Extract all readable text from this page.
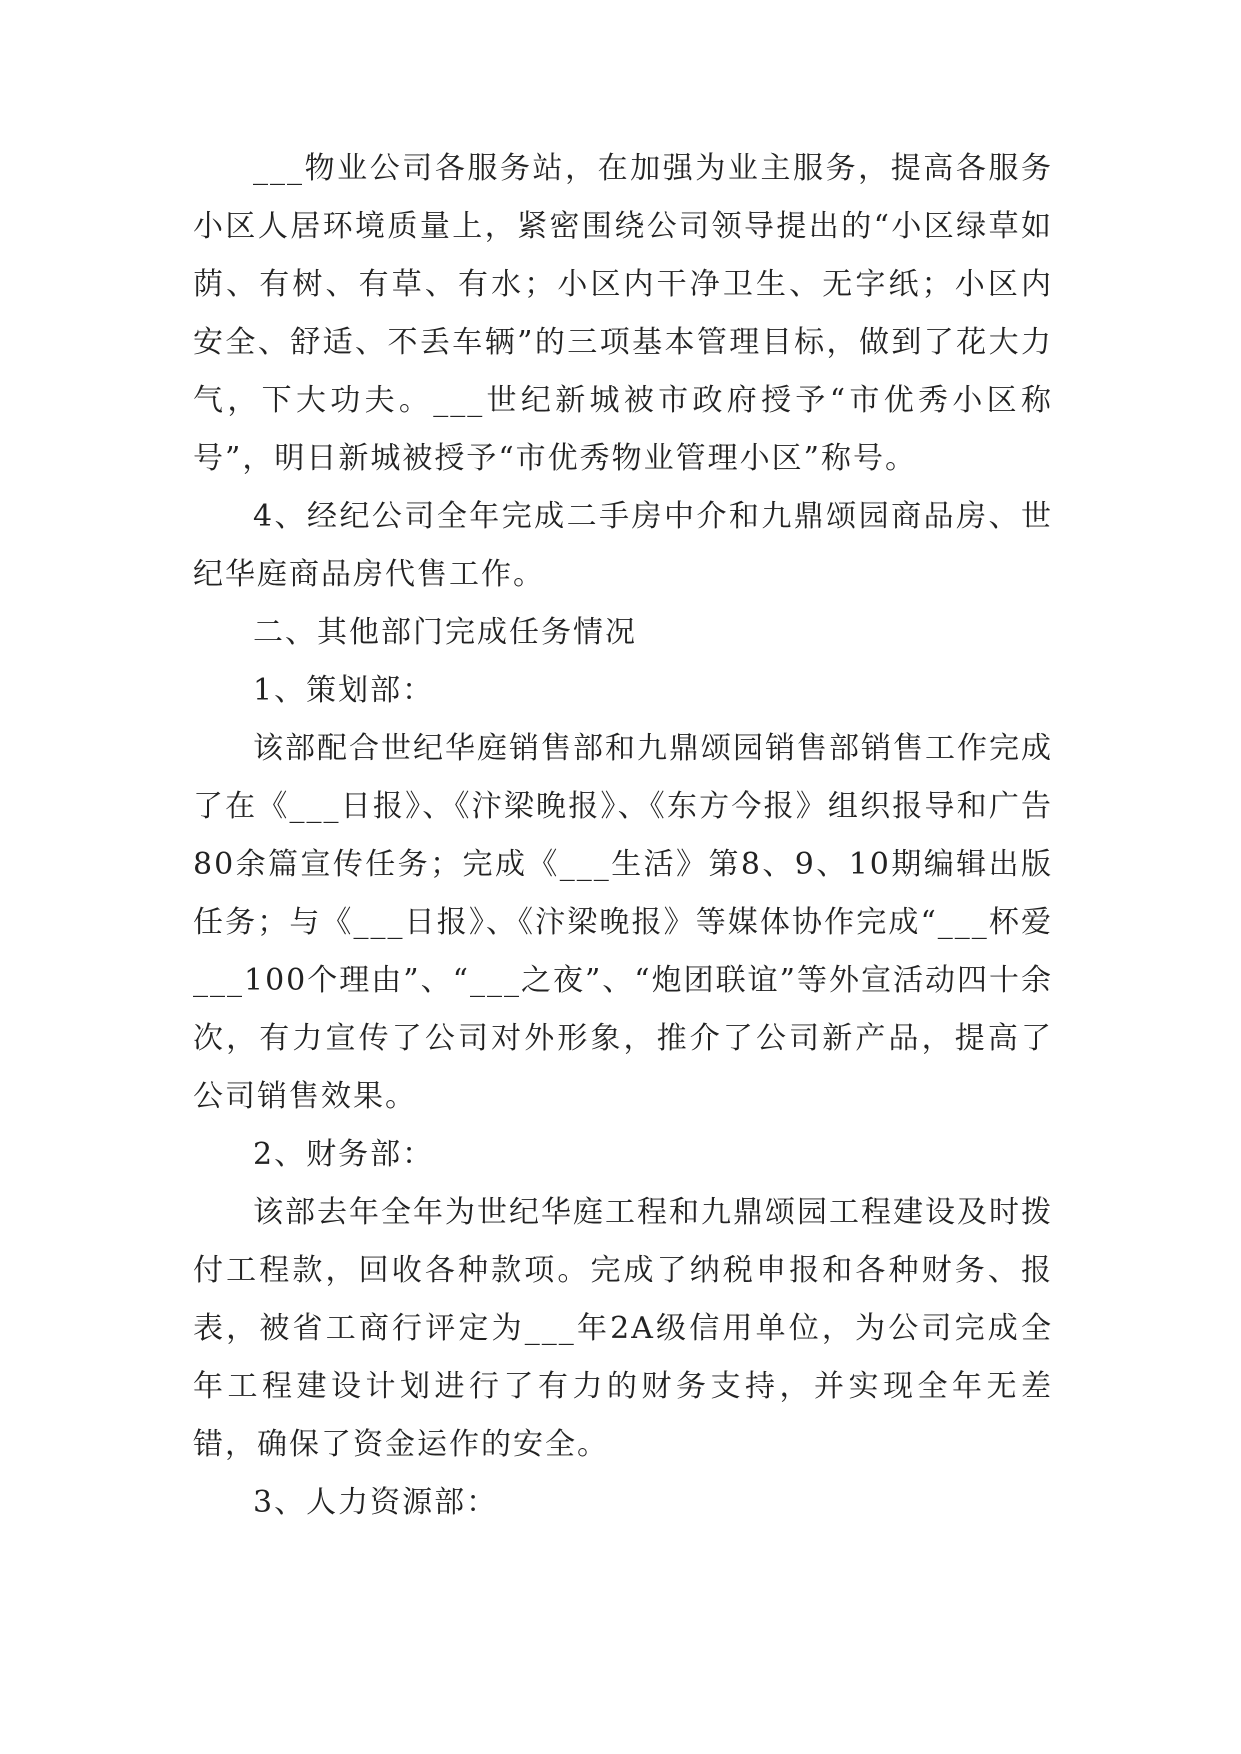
___物业公司各服务站，在加强为业主服务，提高各服务小区人居环境质量上，紧密围绕公司领导提出的“小区绿草如荫、有树、有草、有水；小区内干净卫生、无字纸；小区内安全、舒适、不丢车辆”的三项基本管理目标，做到了花大力气，下大功夫。___世纪新城被市政府授予“市优秀小区称号”，明日新城被授予“市优秀物业管理小区”称号。

4、经纪公司全年完成二手房中介和九鼎颂园商品房、世纪华庭商品房代售工作。

二、其他部门完成任务情况

1、策划部：

该部配合世纪华庭销售部和九鼎颂园销售部销售工作完成了在《___日报》、《汴梁晚报》、《东方今报》组织报导和广告80余篇宣传任务；完成《___生活》第8、9、10期编辑出版任务；与《___日报》、《汴梁晚报》等媒体协作完成“___杯爱___100个理由”、“___之夜”、“炮团联谊”等外宣活动四十余次，有力宣传了公司对外形象，推介了公司新产品，提高了公司销售效果。

2、财务部：

该部去年全年为世纪华庭工程和九鼎颂园工程建设及时拨付工程款，回收各种款项。完成了纳税申报和各种财务、报表，被省工商行评定为___年2A级信用单位，为公司完成全年工程建设计划进行了有力的财务支持，并实现全年无差错，确保了资金运作的安全。

3、人力资源部：
